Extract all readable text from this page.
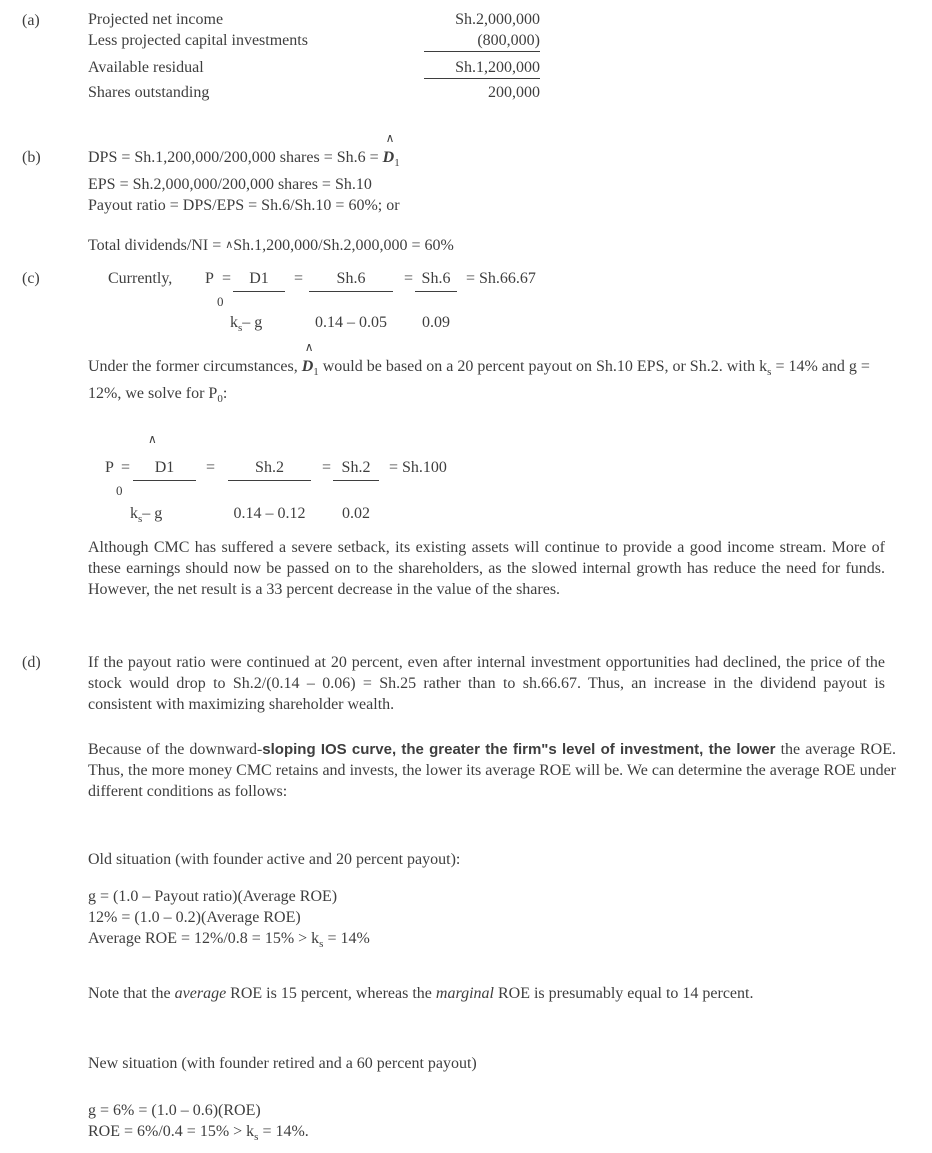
(a)	Projected net income	Sh.2,000,000
Less projected capital investments	(800,000)
Available residual	Sh.1,200,000
Shares outstanding	200,000
(b)	DPS = Sh.1,200,000/200,000 shares = Sh.6 =
∧
$D_1$
EPS = Sh.2,000,000/200,000 shares = Sh.10
Payout ratio = DPS/EPS = Sh.6/Sh.10 = 60%; or
Total dividends/NI = ∧Sh.1,200,000/Sh.2,000,000 = 60%
(c)	Currently, P
0
=	D1
$k_s-$ g
=	Sh.6
0.14 – 0.05
= Sh.6
0.09
= Sh.66.67
Under the former circumstances,
∧
$D_1$ would be based on a 20 percent payout on Sh.10 EPS, or Sh.2. with $k_s = 14\%$ and g = 12%, we solve for $P_0$:
∧
P
0
=	D1
$k_s-$ g
=	Sh.2
0.14 – 0.12
= Sh.2
0.02
= Sh.100
Although CMC has suffered a severe setback, its existing assets will continue to provide a good income stream. More of these earnings should now be passed on to the shareholders, as the slowed internal growth has reduce the need for funds. However, the net result is a 33 percent decrease in the value of the shares.
(d)	If the payout ratio were continued at 20 percent, even after internal investment opportunities had declined, the price of the stock would drop to Sh.2/(0.14 – 0.06) = Sh.25 rather than to sh.66.67. Thus, an increase in the dividend payout is consistent with maximizing shareholder wealth.
Because of the downward-sloping IOS curve, the greater the firm"s level of investment, the lower the average ROE. Thus, the more money CMC retains and invests, the lower its average ROE will be. We can determine the average ROE under different conditions as follows:
Old situation (with founder active and 20 percent payout):
g = (1.0 – Payout ratio)(Average ROE)
12% = (1.0 – 0.2)(Average ROE)
Average ROE = $12\%/0.8 = 15\% > k_s = 14\%$
Note that the average ROE is 15 percent, whereas the marginal ROE is presumably equal to 14 percent.
New situation (with founder retired and a 60 percent payout)
g = 6% = (1.0 – 0.6)(ROE)
ROE = $6\%/0.4 = 15\% > k_s = 14\%$.
